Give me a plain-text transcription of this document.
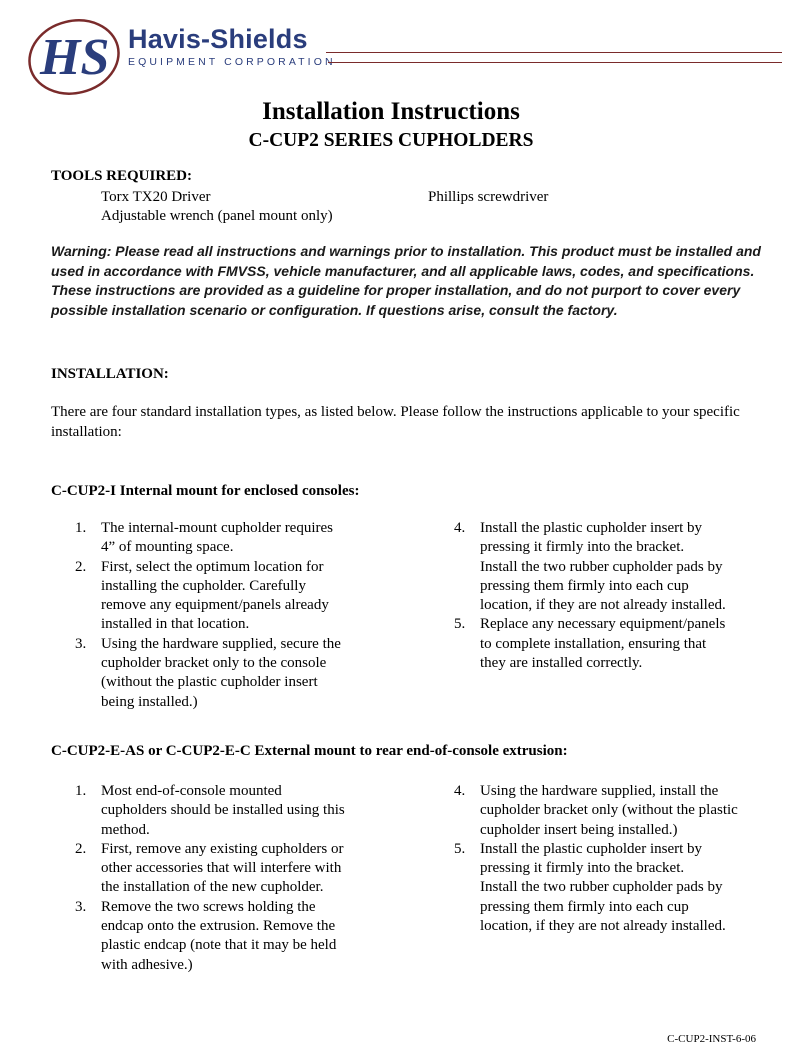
HS Havis-Shields
EQUIPMENT CORPORATION
Installation Instructions
C-CUP2 SERIES CUPHOLDERS
TOOLS REQUIRED:
Torx TX20 Driver	Phillips screwdriver
Adjustable wrench (panel mount only)
Warning: Please read all instructions and warnings prior to installation. This product must be installed and used in accordance with FMVSS, vehicle manufacturer, and all applicable laws, codes, and specifications. These instructions are provided as a guideline for proper installation, and do not purport to cover every possible installation scenario or configuration. If questions arise, consult the factory.
INSTALLATION:
There are four standard installation types, as listed below. Please follow the instructions applicable to your specific installation:
C-CUP2-I Internal mount for enclosed consoles:
1. The internal-mount cupholder requires
4” of mounting space.
2. First, select the optimum location for
installing the cupholder. Carefully
remove any equipment/panels already
installed in that location.
3. Using the hardware supplied, secure the
cupholder bracket only to the console
(without the plastic cupholder insert
being installed.)
4. Install the plastic cupholder insert by
pressing it firmly into the bracket.
Install the two rubber cupholder pads by
pressing them firmly into each cup
location, if they are not already installed.
5. Replace any necessary equipment/panels
to complete installation, ensuring that
they are installed correctly.
C-CUP2-E-AS or C-CUP2-E-C External mount to rear end-of-console extrusion:
1. Most end-of-console mounted
cupholders should be installed using this
method.
2. First, remove any existing cupholders or
other accessories that will interfere with
the installation of the new cupholder.
3. Remove the two screws holding the
endcap onto the extrusion. Remove the
plastic endcap (note that it may be held
with adhesive.)
4. Using the hardware supplied, install the
cupholder bracket only (without the plastic
cupholder insert being installed.)
5. Install the plastic cupholder insert by
pressing it firmly into the bracket.
Install the two rubber cupholder pads by
pressing them firmly into each cup
location, if they are not already installed.
C-CUP2-INST-6-06
